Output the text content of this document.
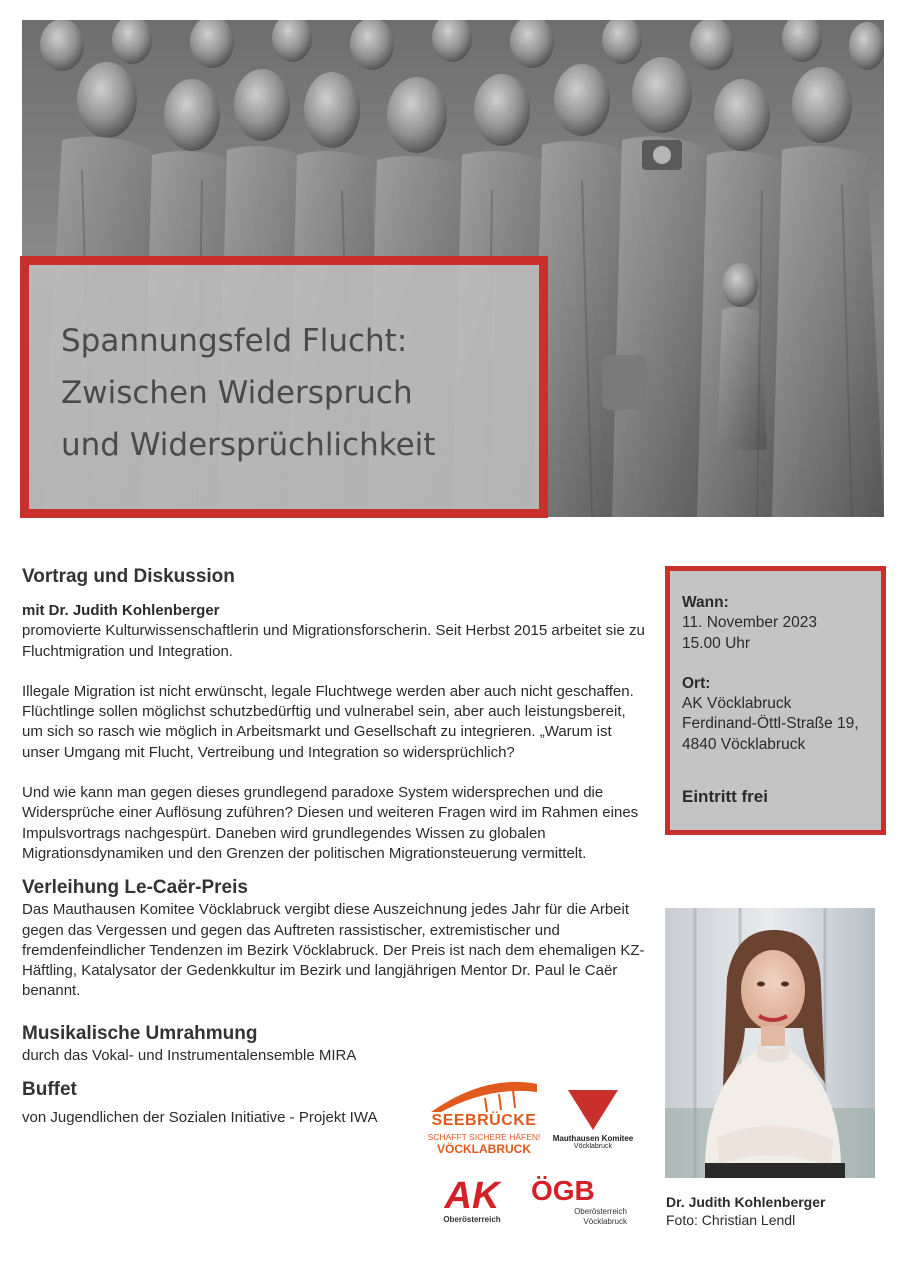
Spannungsfeld Flucht:
Zwischen Widerspruch
und Widersprüchlichkeit
Vortrag und Diskussion

mit Dr. Judith Kohlenberger

promovierte Kulturwissenschaftlerin und Migrationsforscherin. Seit Herbst 2015 arbeitet sie zu Fluchtmigration und Integration.

Illegale Migration ist nicht erwünscht, legale Fluchtwege werden aber auch nicht geschaffen. Flüchtlinge sollen möglichst schutzbedürftig und vulnerabel sein, aber auch leistungsbereit, um sich so rasch wie möglich in Arbeitsmarkt und Gesellschaft zu integrieren. „Warum ist unser Umgang mit Flucht, Vertreibung und Integration so widersprüchlich?

Und wie kann man gegen dieses grundlegend paradoxe System widersprechen und die Widersprüche einer Auflösung zuführen? Diesen und weiteren Fragen wird im Rahmen eines Impulsvortrags nachgespürt. Daneben wird grundlegendes Wissen zu globalen Migrationsdynamiken und den Grenzen der politischen Migrationsteuerung vermittelt.

Verleihung Le-Caër-Preis

Das Mauthausen Komitee Vöcklabruck vergibt diese Auszeichnung jedes Jahr für die Arbeit gegen das Vergessen und gegen das Auftreten rassistischer, extremistischer und fremdenfeindlicher Tendenzen im Bezirk Vöcklabruck. Der Preis ist nach dem ehemaligen KZ-Häftling, Katalysator der Gedenkkultur im Bezirk und langjährigen Mentor Dr. Paul le Caër benannt.

Musikalische Umrahmung

durch das Vokal- und Instrumentalensemble MIRA

Buffet

von Jugendlichen der Sozialen Initiative - Projekt IWA

Wann:
11. November 2023
15.00 Uhr
Ort:
AK Vöcklabruck
Ferdinand-Öttl-Straße 19,
4840 Vöcklabruck
Eintritt frei
Dr. Judith Kohlenberger
Foto: Christian Lendl
SEEBRÜCKE
SCHAFFT SICHERE HÄFEN!
VÖCKLABRUCK
Mauthausen Komitee
Vöcklabruck
AK
Oberösterreich
ÖGB
Oberösterreich
Vöcklabruck
